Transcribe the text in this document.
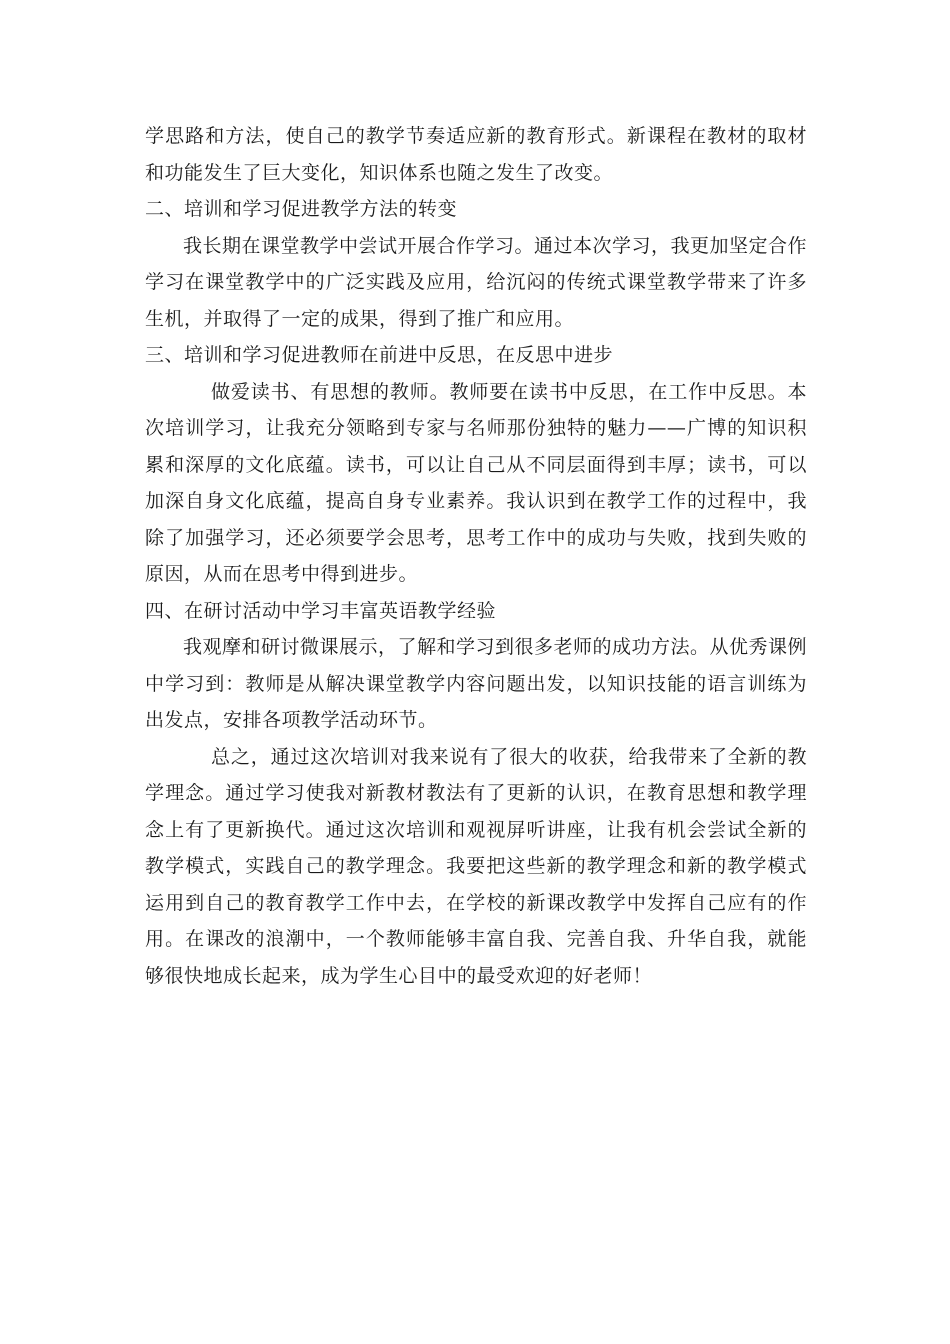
学思路和方法，使自己的教学节奏适应新的教育形式。新课程在教材的取材和功能发生了巨大变化，知识体系也随之发生了改变。

二、培训和学习促进教学方法的转变

我长期在课堂教学中尝试开展合作学习。通过本次学习，我更加坚定合作学习在课堂教学中的广泛实践及应用，给沉闷的传统式课堂教学带来了许多生机，并取得了一定的成果，得到了推广和应用。

三、培训和学习促进教师在前进中反思，在反思中进步

做爱读书、有思想的教师。教师要在读书中反思，在工作中反思。本次培训学习，让我充分领略到专家与名师那份独特的魅力——广博的知识积累和深厚的文化底蕴。读书，可以让自己从不同层面得到丰厚；读书，可以加深自身文化底蕴，提高自身专业素养。我认识到在教学工作的过程中，我除了加强学习，还必须要学会思考，思考工作中的成功与失败，找到失败的原因，从而在思考中得到进步。

四、在研讨活动中学习丰富英语教学经验

我观摩和研讨微课展示，了解和学习到很多老师的成功方法。从优秀课例中学习到：教师是从解决课堂教学内容问题出发，以知识技能的语言训练为出发点，安排各项教学活动环节。

总之，通过这次培训对我来说有了很大的收获，给我带来了全新的教学理念。通过学习使我对新教材教法有了更新的认识，在教育思想和教学理念上有了更新换代。通过这次培训和观视屏听讲座，让我有机会尝试全新的教学模式，实践自己的教学理念。我要把这些新的教学理念和新的教学模式运用到自己的教育教学工作中去，在学校的新课改教学中发挥自己应有的作用。在课改的浪潮中，一个教师能够丰富自我、完善自我、升华自我，就能够很快地成长起来，成为学生心目中的最受欢迎的好老师！
